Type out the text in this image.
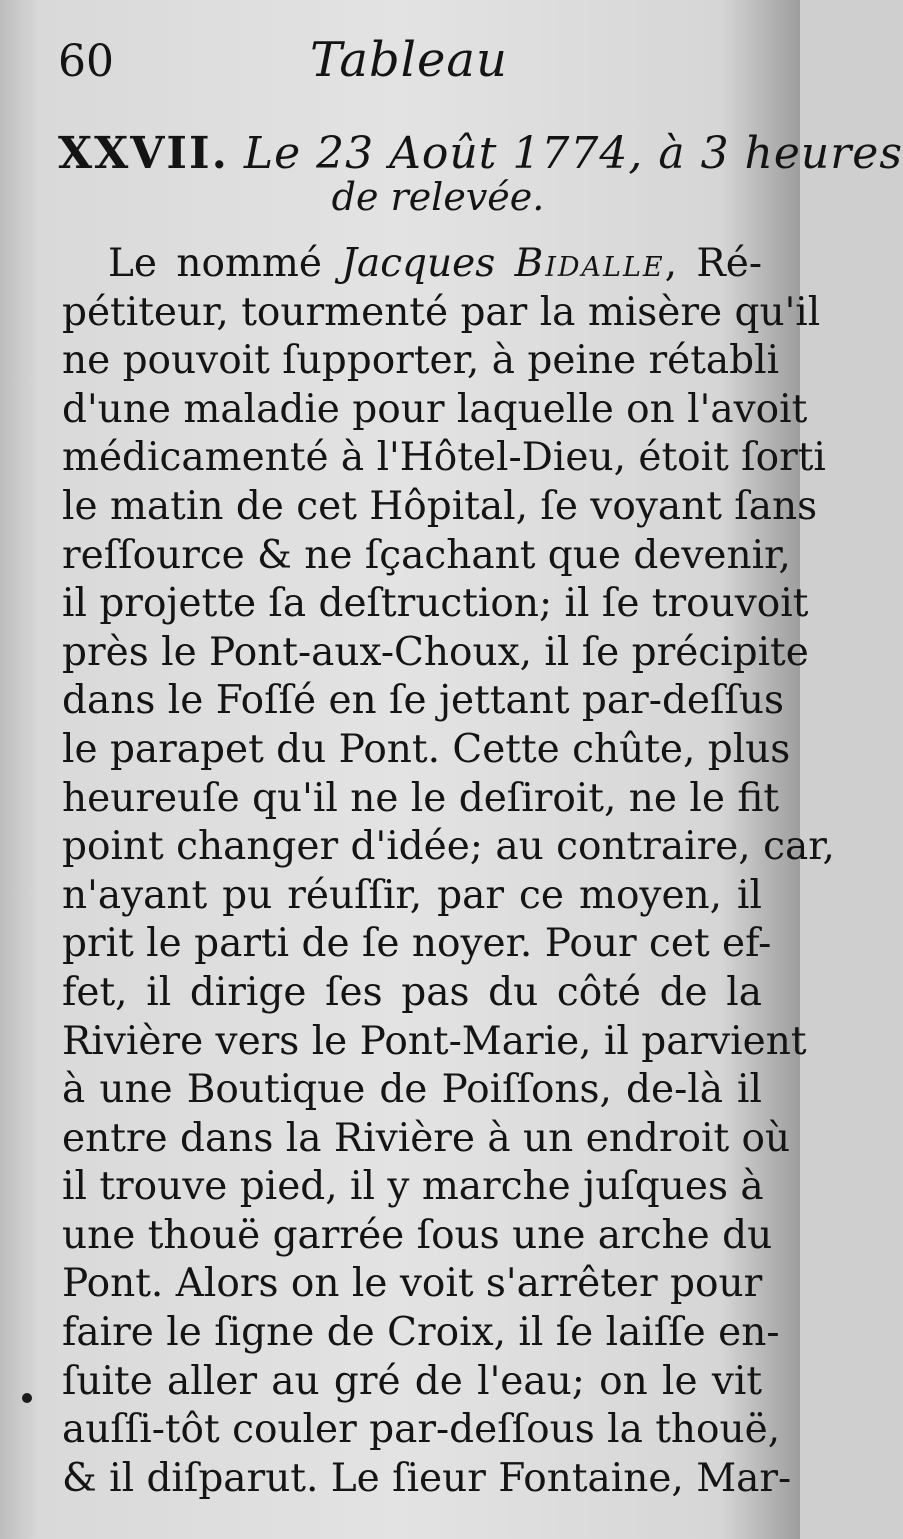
60	Tableau
XXVII. Le 23 Août 1774, à 3 heures
de relevée.
Le nommé Jacques Bidalle, Ré-
pétiteur, tourmenté par la misère qu'il
ne pouvoit ſupporter, à peine rétabli
d'une maladie pour laquelle on l'avoit
médicamenté à l'Hôtel-Dieu, étoit ſorti
le matin de cet Hôpital, ſe voyant ſans
reſſource & ne ſçachant que devenir,
il projette ſa deſtruction; il ſe trouvoit
près le Pont-aux-Choux, il ſe précipite
dans le Foſſé en ſe jettant par-deſſus
le parapet du Pont. Cette chûte, plus
heureuſe qu'il ne le deſiroit, ne le fit
point changer d'idée; au contraire, car,
n'ayant pu réuſſir, par ce moyen, il
prit le parti de ſe noyer. Pour cet ef-
fet, il dirige ſes pas du côté de la
Rivière vers le Pont-Marie, il parvient
à une Boutique de Poiſſons, de-là il
entre dans la Rivière à un endroit où
il trouve pied, il y marche juſques à
une thouë garrée ſous une arche du
Pont. Alors on le voit s'arrêter pour
faire le ſigne de Croix, il ſe laiſſe en-
ſuite aller au gré de l'eau; on le vit
auſſi-tôt couler par-deſſous la thouë,
& il diſparut. Le ſieur Fontaine, Mar-
